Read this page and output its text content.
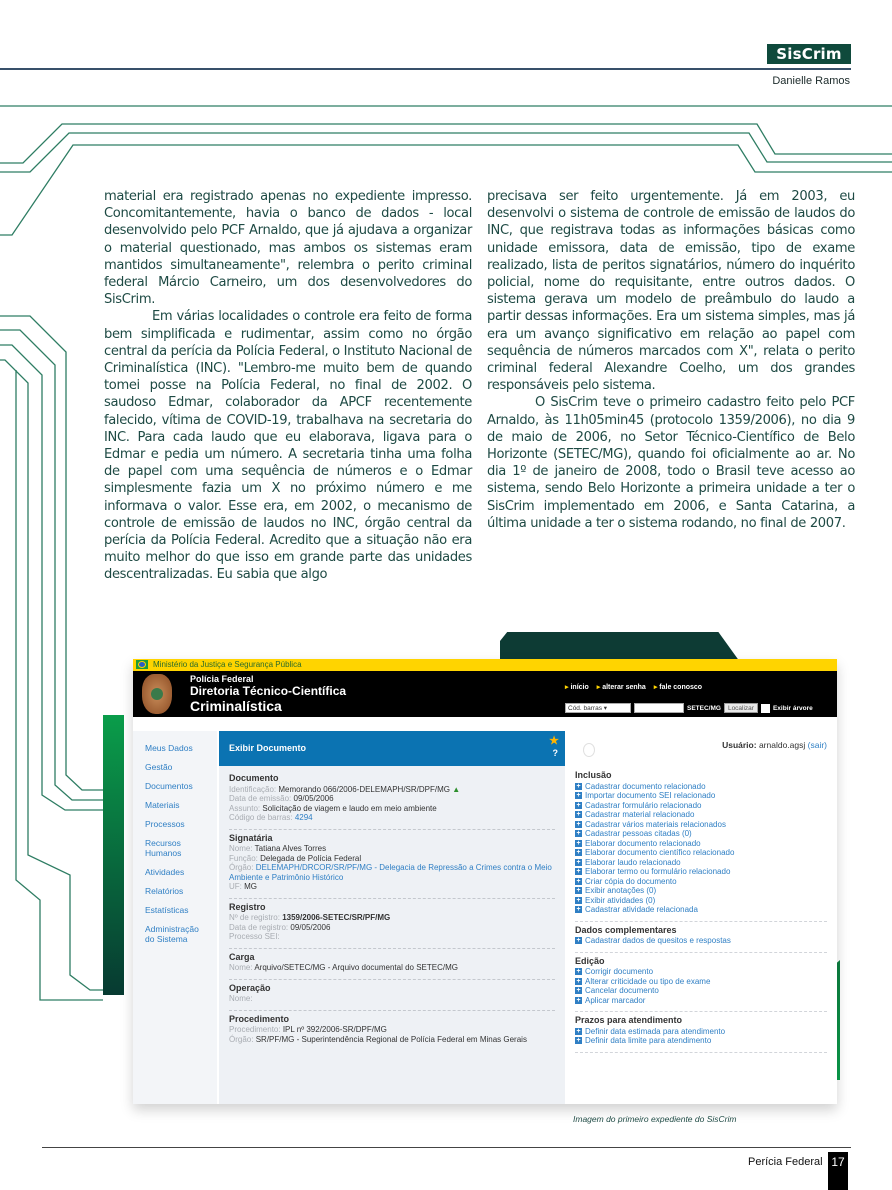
SisCrim
Danielle Ramos

material era registrado apenas no expediente impresso. Concomitantemente, havia o banco de dados - local desenvolvido pelo PCF Arnaldo, que já ajudava a organizar o material questionado, mas ambos os sistemas eram mantidos simultaneamente", relembra o perito criminal federal Márcio Carneiro, um dos desenvolvedores do SisCrim.

Em várias localidades o controle era feito de forma bem simplificada e rudimentar, assim como no órgão central da perícia da Polícia Federal, o Instituto Nacional de Criminalística (INC). "Lembro-me muito bem de quando tomei posse na Polícia Federal, no final de 2002. O saudoso Edmar, colaborador da APCF recentemente falecido, vítima de COVID-19, trabalhava na secretaria do INC. Para cada laudo que eu elaborava, ligava para o Edmar e pedia um número. A secretaria tinha uma folha de papel com uma sequência de números e o Edmar simplesmente fazia um X no próximo número e me informava o valor. Esse era, em 2002, o mecanismo de controle de emissão de laudos no INC, órgão central da perícia da Polícia Federal. Acredito que a situação não era muito melhor do que isso em grande parte das unidades descentralizadas. Eu sabia que algo

precisava ser feito urgentemente. Já em 2003, eu desenvolvi o sistema de controle de emissão de laudos do INC, que registrava todas as informações básicas como unidade emissora, data de emissão, tipo de exame realizado, lista de peritos signatários, número do inquérito policial, nome do requisitante, entre outros dados. O sistema gerava um modelo de preâmbulo do laudo a partir dessas informações. Era um sistema simples, mas já era um avanço significativo em relação ao papel com sequência de números marcados com X", relata o perito criminal federal Alexandre Coelho, um dos grandes responsáveis pelo sistema.

O SisCrim teve o primeiro cadastro feito pelo PCF Arnaldo, às 11h05min45 (protocolo 1359/2006), no dia 9 de maio de 2006, no Setor Técnico-Científico de Belo Horizonte (SETEC/MG), quando foi oficialmente ao ar. No dia 1º de janeiro de 2008, todo o Brasil teve acesso ao sistema, sendo Belo Horizonte a primeira unidade a ter o SisCrim implementado em 2006, e Santa Catarina, a última unidade a ter o sistema rodando, no final de 2007.

Ministério da Justiça e Segurança Pública
Polícia Federal
Diretoria Técnico-Científica
Criminalística
▸ início	▸ alterar senha	▸ fale conosco
Cód. barras ▾	SETEC/MG	Localizar	Exibir árvore
Meus Dados
Gestão
Documentos
Materiais
Processos
Recursos Humanos
Atividades
Relatórios
Estatísticas
Administração do Sistema
Exibir Documento
★
?
Documento
Identificação: Memorando 066/2006-DELEMAPH/SR/DPF/MG ▲
Data de emissão: 09/05/2006
Assunto: Solicitação de viagem e laudo em meio ambiente
Código de barras: 4294
Signatária
Nome: Tatiana Alves Torres
Função: Delegada de Polícia Federal
Órgão: DELEMAPH/DRCOR/SR/PF/MG - Delegacia de Repressão a Crimes contra o Meio Ambiente e Patrimônio Histórico
UF: MG
Registro
Nº de registro: 1359/2006-SETEC/SR/PF/MG
Data de registro: 09/05/2006
Processo SEI:
Carga
Nome: Arquivo/SETEC/MG - Arquivo documental do SETEC/MG
Operação
Nome:
Procedimento
Procedimento: IPL nº 392/2006-SR/DPF/MG
Órgão: SR/PF/MG - Superintendência Regional de Polícia Federal em Minas Gerais
Usuário: arnaldo.agsj (sair)
Inclusão
+ Cadastrar documento relacionado
+ Importar documento SEI relacionado
+ Cadastrar formulário relacionado
+ Cadastrar material relacionado
+ Cadastrar vários materiais relacionados
+ Cadastrar pessoas citadas (0)
+ Elaborar documento relacionado
+ Elaborar documento científico relacionado
+ Elaborar laudo relacionado
+ Elaborar termo ou formulário relacionado
+ Criar cópia do documento
+ Exibir anotações (0)
+ Exibir atividades (0)
+ Cadastrar atividade relacionada
Dados complementares
+ Cadastrar dados de quesitos e respostas
Edição
+ Corrigir documento
+ Alterar criticidade ou tipo de exame
+ Cancelar documento
+ Aplicar marcador
Prazos para atendimento
+ Definir data estimada para atendimento
+ Definir data limite para atendimento
Imagem do primeiro expediente do SisCrim
Perícia Federal 17
